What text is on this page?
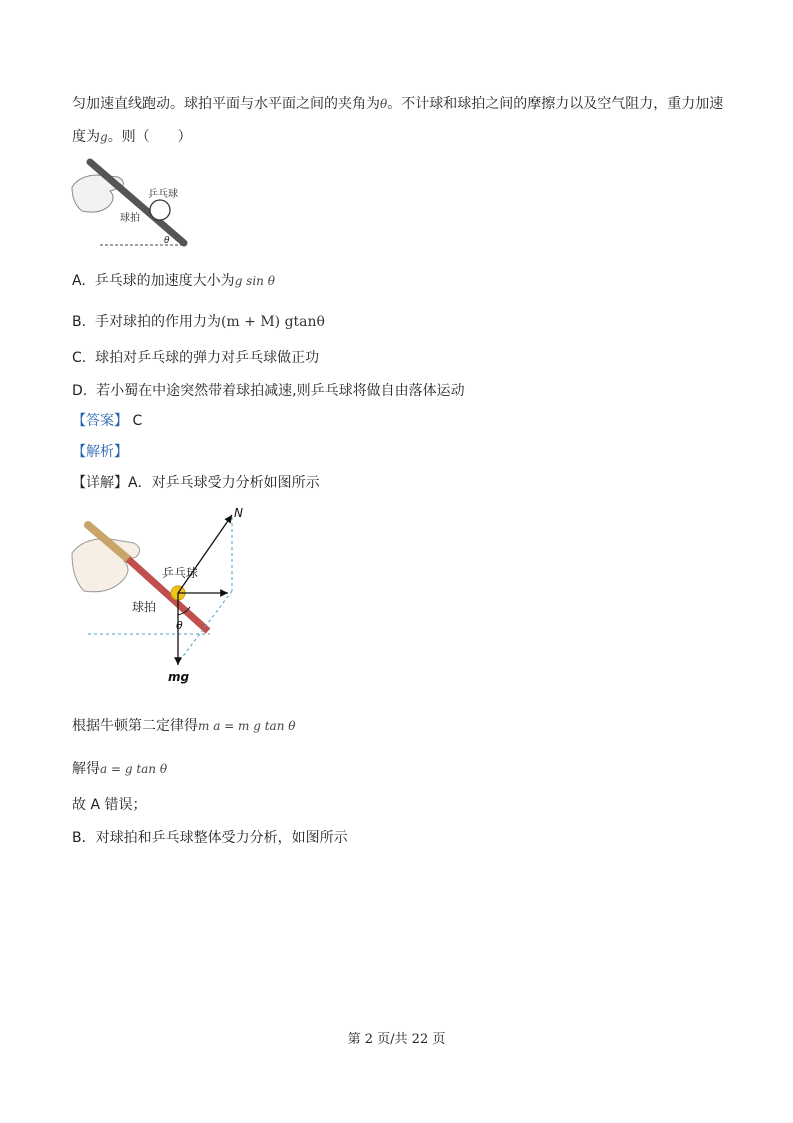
匀加速直线跑动。球拍平面与水平面之间的夹角为θ。不计球和球拍之间的摩擦力以及空气阻力，重力加速
度为g。则（　　）
乒乓球
球拍
θ
A. 乒乓球的加速度大小为g sin θ
B. 手对球拍的作用力为(m + M) gtanθ
C. 球拍对乒乓球的弹力对乒乓球做正功
D. 若小蜀在中途突然带着球拍减速,则乒乓球将做自由落体运动
【答案】 C
【解析】
【详解】A．对乒乓球受力分析如图所示
N
乒乓球
球拍
θ
mg
根据牛顿第二定律得m a = m g tan θ
解得a = g tan θ
故 A 错误；
B．对球拍和乒乓球整体受力分析，如图所示
第 2 页/共 22 页
